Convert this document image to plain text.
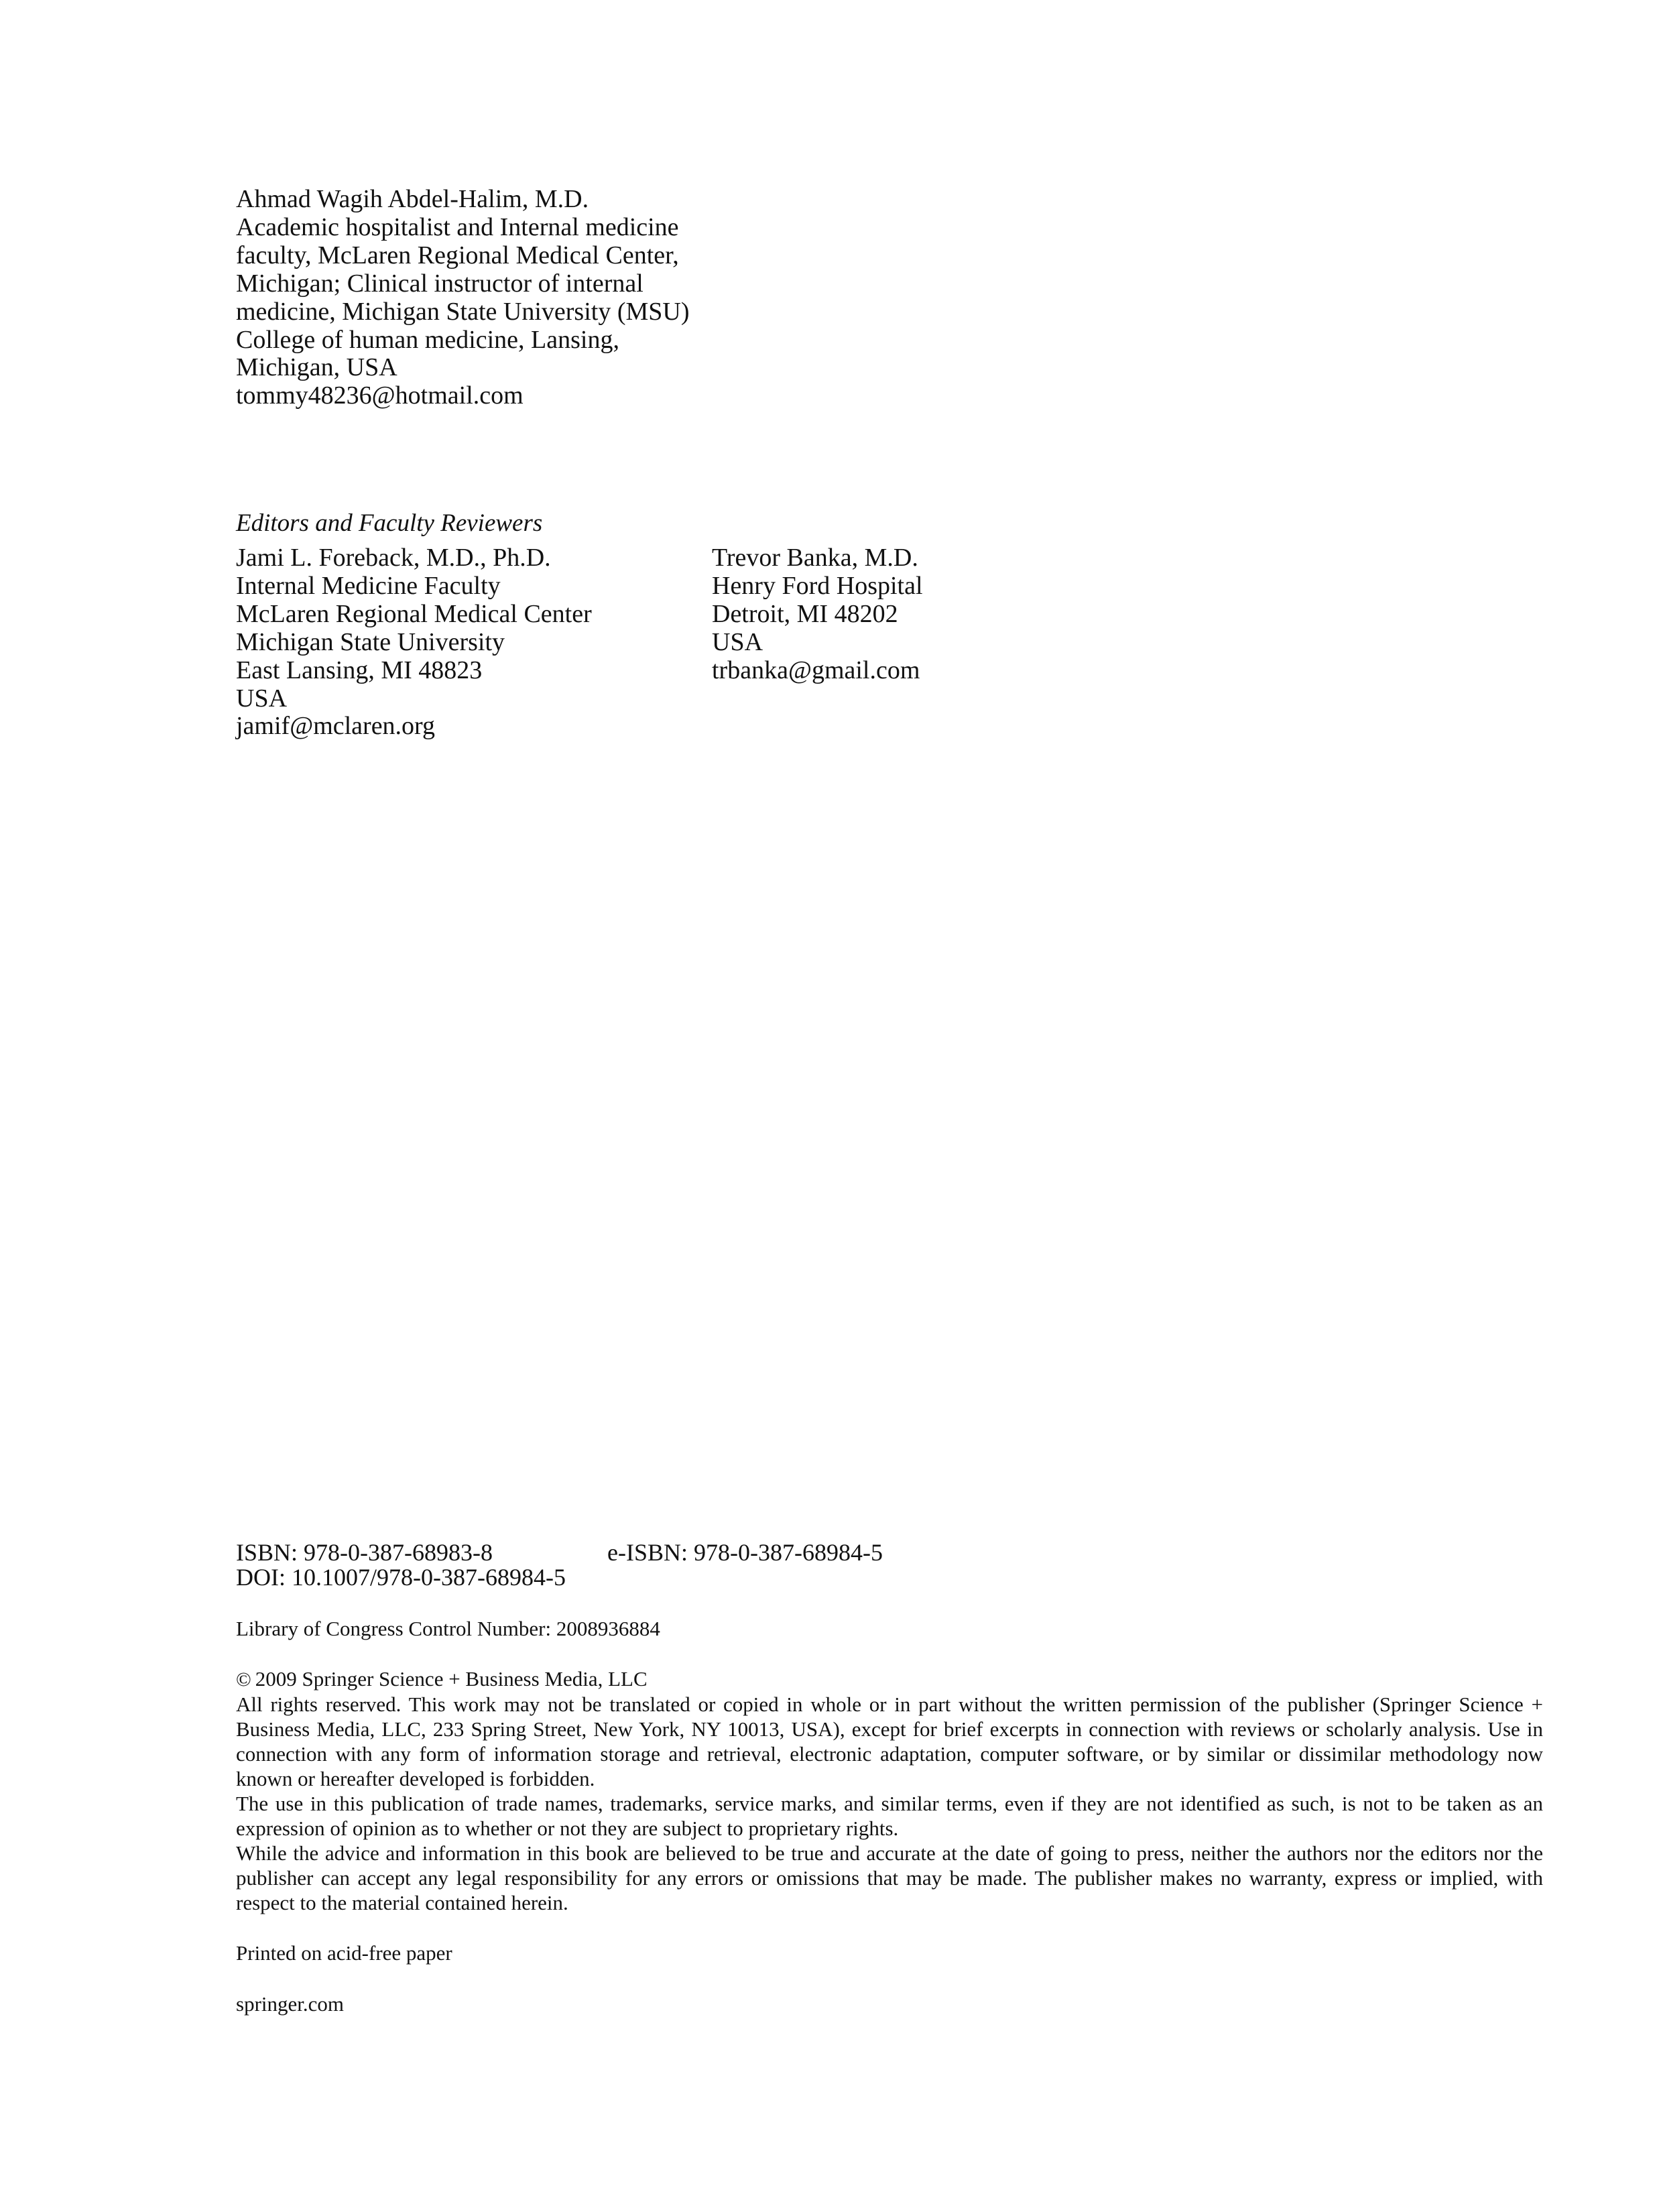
Ahmad Wagih Abdel-Halim, M.D.
Academic hospitalist and Internal medicine
faculty, McLaren Regional Medical Center,
Michigan; Clinical instructor of internal
medicine, Michigan State University (MSU)
College of human medicine, Lansing,
Michigan, USA
tommy48236@hotmail.com
Editors and Faculty Reviewers
Jami L. Foreback, M.D., Ph.D.
Internal Medicine Faculty
McLaren Regional Medical Center
Michigan State University
East Lansing, MI 48823
USA
jamif@mclaren.org
Trevor Banka, M.D.
Henry Ford Hospital
Detroit, MI 48202
USA
trbanka@gmail.com
ISBN: 978-0-387-68983-8	e-ISBN: 978-0-387-68984-5
DOI: 10.1007/978-0-387-68984-5
Library of Congress Control Number: 2008936884
© 2009 Springer Science + Business Media, LLC
All rights reserved. This work may not be translated or copied in whole or in part without the written permission of the publisher (Springer Science + Business Media, LLC, 233 Spring Street, New York, NY 10013, USA), except for brief excerpts in connection with reviews or scholarly analysis. Use in connection with any form of information storage and retrieval, electronic adaptation, computer software, or by similar or dissimilar methodology now known or hereafter developed is forbidden.
The use in this publication of trade names, trademarks, service marks, and similar terms, even if they are not identified as such, is not to be taken as an expression of opinion as to whether or not they are subject to proprietary rights.
While the advice and information in this book are believed to be true and accurate at the date of going to press, neither the authors nor the editors nor the publisher can accept any legal responsibility for any errors or omissions that may be made. The publisher makes no warranty, express or implied, with respect to the material contained herein.
Printed on acid-free paper
springer.com
